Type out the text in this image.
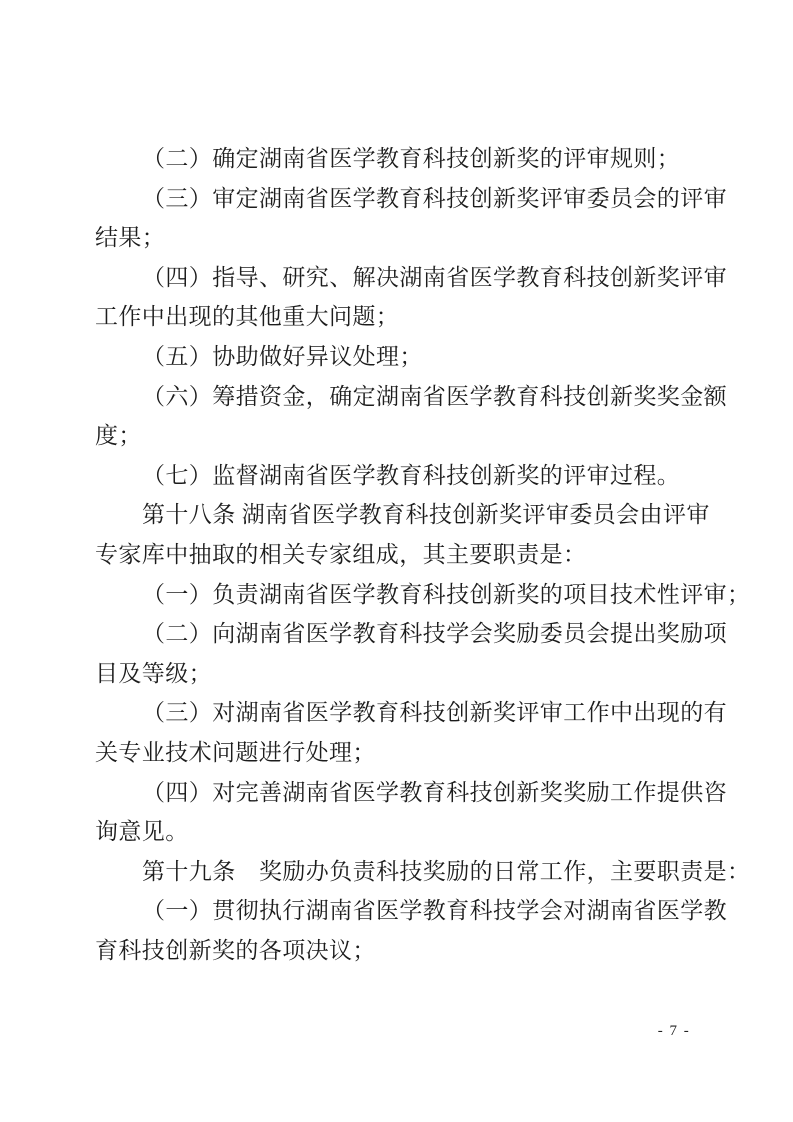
（二）确定湖南省医学教育科技创新奖的评审规则；
（三）审定湖南省医学教育科技创新奖评审委员会的评审
结果；
（四）指导、研究、解决湖南省医学教育科技创新奖评审
工作中出现的其他重大问题；
（五）协助做好异议处理；
（六）筹措资金，确定湖南省医学教育科技创新奖奖金额
度；
（七）监督湖南省医学教育科技创新奖的评审过程。
第十八条 湖南省医学教育科技创新奖评审委员会由评审
专家库中抽取的相关专家组成，其主要职责是：
（一）负责湖南省医学教育科技创新奖的项目技术性评审；
（二）向湖南省医学教育科技学会奖励委员会提出奖励项
目及等级；
（三）对湖南省医学教育科技创新奖评审工作中出现的有
关专业技术问题进行处理；
（四）对完善湖南省医学教育科技创新奖奖励工作提供咨
询意见。
第十九条　奖励办负责科技奖励的日常工作，主要职责是：
（一）贯彻执行湖南省医学教育科技学会对湖南省医学教
育科技创新奖的各项决议；
- 7 -
